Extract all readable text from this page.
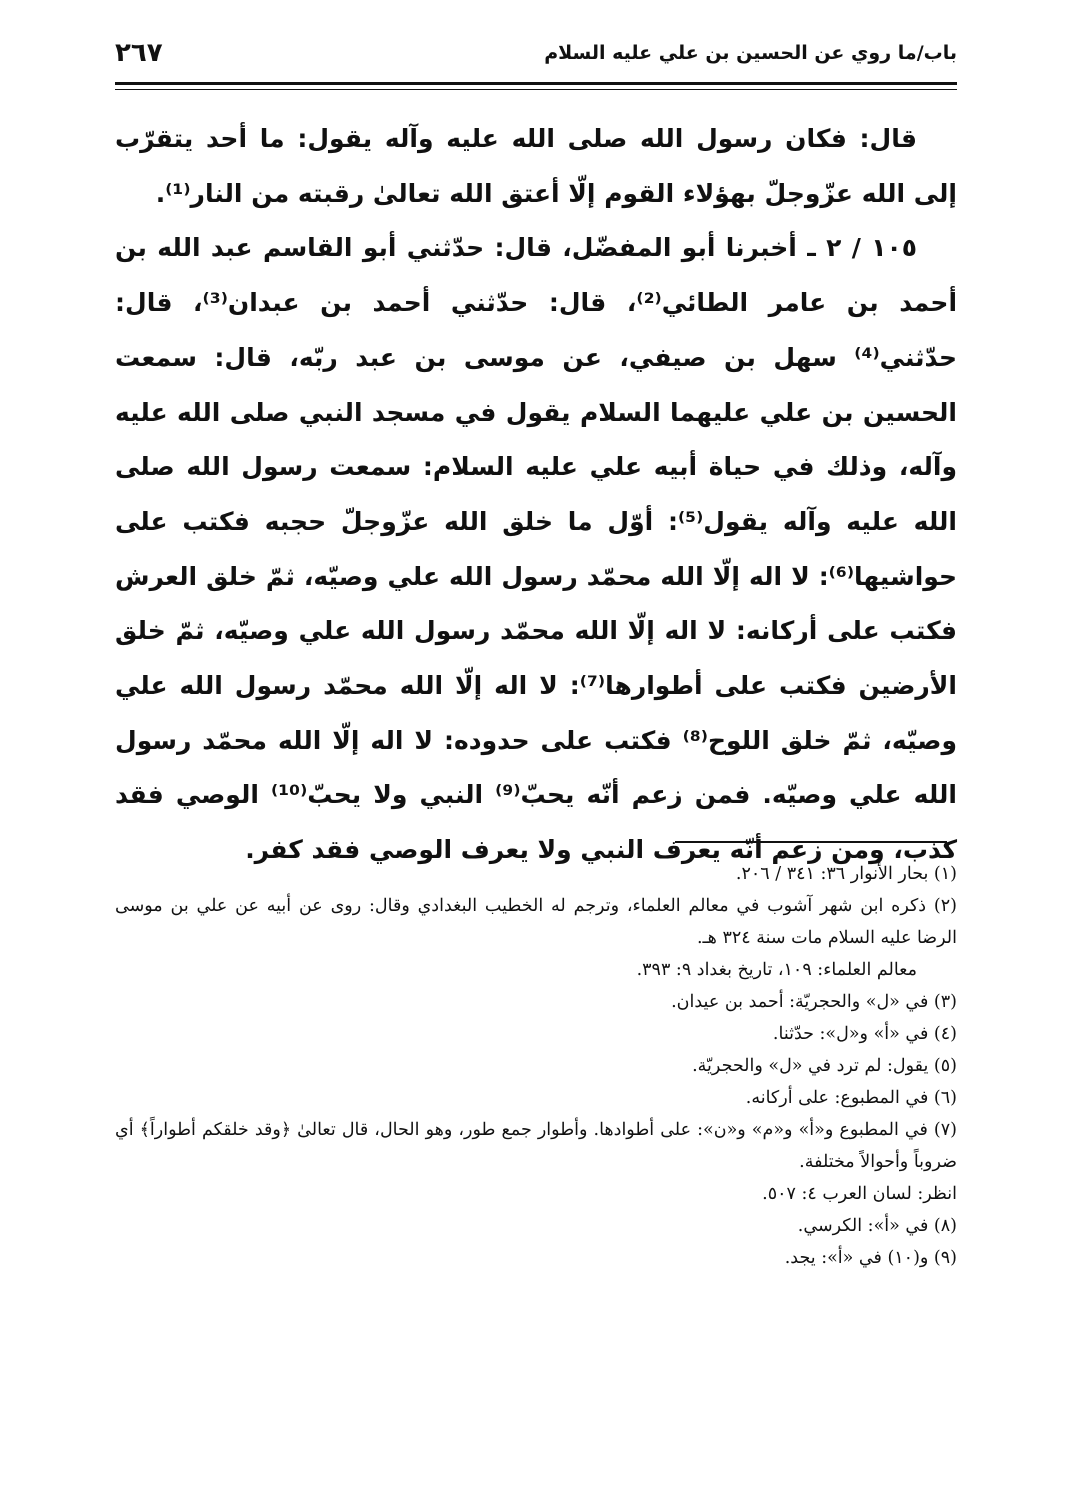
باب/ما روي عن الحسين بن علي عليه السلام
٢٦٧

قال: فكان رسول الله صلى الله عليه وآله يقول: ما أحد يتقرّب إلى الله عزّوجلّ بهؤلاء القوم إلّا أعتق الله تعالىٰ رقبته من النار⁽¹⁾.

١٠٥ / ٢ ـ أخبرنا أبو المفضّل، قال: حدّثني أبو القاسم عبد الله بن أحمد بن عامر الطائي⁽²⁾، قال: حدّثني أحمد بن عبدان⁽³⁾، قال: حدّثني⁽⁴⁾ سهل بن صيفي، عن موسى بن عبد ربّه، قال: سمعت الحسين بن علي عليهما السلام يقول في مسجد النبي صلى الله عليه وآله، وذلك في حياة أبيه علي عليه السلام: سمعت رسول الله صلى الله عليه وآله يقول⁽⁵⁾: أوّل ما خلق الله عزّوجلّ حجبه فكتب على حواشيها⁽⁶⁾: لا اله إلّا الله محمّد رسول الله علي وصيّه، ثمّ خلق العرش فكتب على أركانه: لا اله إلّا الله محمّد رسول الله علي وصيّه، ثمّ خلق الأرضين فكتب على أطوارها⁽⁷⁾: لا اله إلّا الله محمّد رسول الله علي وصيّه، ثمّ خلق اللوح⁽⁸⁾ فكتب على حدوده: لا اله إلّا الله محمّد رسول الله علي وصيّه. فمن زعم أنّه يحبّ⁽⁹⁾ النبي ولا يحبّ⁽¹⁰⁾ الوصي فقد كذب، ومن زعم أنّه يعرف النبي ولا يعرف الوصي فقد كفر.

(١) بحار الأنوار ٣٦: ٣٤١ / ٢٠٦.

(٢) ذكره ابن شهر آشوب في معالم العلماء، وترجم له الخطيب البغدادي وقال: روى عن أبيه عن علي بن موسى الرضا عليه السلام مات سنة ٣٢٤ هـ.

معالم العلماء: ١٠٩، تاريخ بغداد ٩: ٣٩٣.

(٣) في «ل» والحجريّة: أحمد بن عيدان.

(٤) في «أ» و«ل»: حدّثنا.

(٥) يقول: لم ترد في «ل» والحجريّة.

(٦) في المطبوع: على أركانه.

(٧) في المطبوع و«أ» و«م» و«ن»: على أطوادها. وأطوار جمع طور، وهو الحال، قال تعالىٰ ﴿وقد خلقكم أطواراً﴾ أي ضروباً وأحوالاً مختلفة.

انظر: لسان العرب ٤: ٥٠٧.

(٨) في «أ»: الكرسي.

(٩) و(١٠) في «أ»: يجد.
